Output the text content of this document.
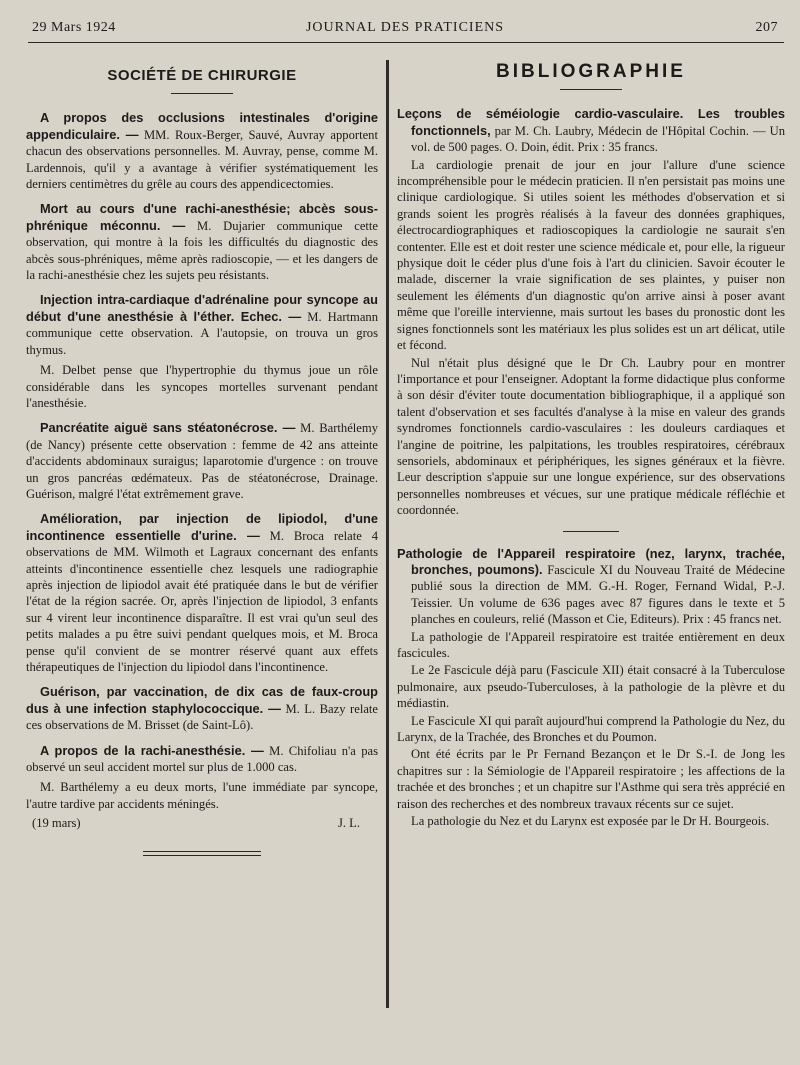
29 Mars 1924	JOURNAL DES PRATICIENS	207
SOCIÉTÉ DE CHIRURGIE

A propos des occlusions intestinales d'origine appendiculaire. — MM. Roux-Berger, Sauvé, Auvray apportent chacun des observations personnelles. M. Auvray, pense, comme M. Lardennois, qu'il y a avantage à vérifier systématiquement les derniers centimètres du grêle au cours des appendicectomies.

Mort au cours d'une rachi-anesthésie; abcès sous-phrénique méconnu. — M. Dujarier communique cette observation, qui montre à la fois les difficultés du diagnostic des abcès sous-phréniques, même après radioscopie, — et les dangers de la rachi-anesthésie chez les sujets peu résistants.

Injection intra-cardiaque d'adrénaline pour syncope au début d'une anesthésie à l'éther. Echec. — M. Hartmann communique cette observation. A l'autopsie, on trouva un gros thymus.

M. Delbet pense que l'hypertrophie du thymus joue un rôle considérable dans les syncopes mortelles survenant pendant l'anesthésie.

Pancréatite aiguë sans stéatonécrose. — M. Barthélemy (de Nancy) présente cette observation : femme de 42 ans atteinte d'accidents abdominaux suraigus; laparotomie d'urgence : on trouve un gros pancréas œdémateux. Pas de stéatonécrose, Drainage. Guérison, malgré l'état extrêmement grave.

Amélioration, par injection de lipiodol, d'une incontinence essentielle d'urine. — M. Broca relate 4 observations de MM. Wilmoth et Lagraux concernant des enfants atteints d'incontinence essentielle chez lesquels une radiographie après injection de lipiodol avait été pratiquée dans le but de vérifier l'état de la région sacrée. Or, après l'injection de lipiodol, 3 enfants sur 4 virent leur incontinence disparaître. Il est vrai qu'un seul des petits malades a pu être suivi pendant quelques mois, et M. Broca pense qu'il convient de se montrer réservé quant aux effets thérapeutiques de l'injection du lipiodol dans l'incontinence.

Guérison, par vaccination, de dix cas de faux-croup dus à une infection staphylococcique. — M. L. Bazy relate ces observations de M. Brisset (de Saint-Lô).

A propos de la rachi-anesthésie. — M. Chifoliau n'a pas observé un seul accident mortel sur plus de 1.000 cas.

M. Barthélemy a eu deux morts, l'une immédiate par syncope, l'autre tardive par accidents méningés.

(19 mars)	J. L.
BIBLIOGRAPHIE

Leçons de séméiologie cardio-vasculaire. Les troubles fonctionnels, par M. Ch. Laubry, Médecin de l'Hôpital Cochin. — Un vol. de 500 pages. O. Doin, édit. Prix : 35 francs.

La cardiologie prenait de jour en jour l'allure d'une science incompréhensible pour le médecin praticien. Il n'en persistait pas moins une clinique cardiologique. Si utiles soient les méthodes d'observation et si grands soient les progrès réalisés à la faveur des données graphiques, électrocardiographiques et radioscopiques la cardiologie ne saurait s'en contenter. Elle est et doit rester une science médicale et, pour elle, la rigueur physique doit le céder plus d'une fois à l'art du clinicien. Savoir écouter le malade, discerner la vraie signification de ses plaintes, y puiser non seulement les éléments d'un diagnostic qu'on arrive ainsi à poser avant même que l'oreille intervienne, mais surtout les bases du pronostic dont les signes fonctionnels sont les matériaux les plus solides est un art délicat, utile et fécond.

Nul n'était plus désigné que le Dr Ch. Laubry pour en montrer l'importance et pour l'enseigner. Adoptant la forme didactique plus conforme à son désir d'éviter toute documentation bibliographique, il a appliqué son talent d'observation et ses facultés d'analyse à la mise en valeur des grands syndromes fonctionnels cardio-vasculaires : les douleurs cardiaques et l'angine de poitrine, les palpitations, les troubles respiratoires, cérébraux sensoriels, abdominaux et périphériques, les signes généraux et la fièvre. Leur description s'appuie sur une longue expérience, sur des observations personnelles nombreuses et vécues, sur une pratique médicale réfléchie et coordonnée.

Pathologie de l'Appareil respiratoire (nez, larynx, trachée, bronches, poumons). Fascicule XI du Nouveau Traité de Médecine publié sous la direction de MM. G.-H. Roger, Fernand Widal, P.-J. Teissier. Un volume de 636 pages avec 87 figures dans le texte et 5 planches en couleurs, relié (Masson et Cie, Editeurs). Prix : 45 francs net.

La pathologie de l'Appareil respiratoire est traitée entièrement en deux fascicules.

Le 2e Fascicule déjà paru (Fascicule XII) était consacré à la Tuberculose pulmonaire, aux pseudo-Tuberculoses, à la pathologie de la plèvre et du médiastin.

Le Fascicule XI qui paraît aujourd'hui comprend la Pathologie du Nez, du Larynx, de la Trachée, des Bronches et du Poumon.

Ont été écrits par le Pr Fernand Bezançon et le Dr S.-I. de Jong les chapitres sur : la Sémiologie de l'Appareil respiratoire ; les affections de la trachée et des bronches ; et un chapitre sur l'Asthme qui sera très apprécié en raison des recherches et des nombreux travaux récents sur ce sujet.

La pathologie du Nez et du Larynx est exposée par le Dr H. Bourgeois.
